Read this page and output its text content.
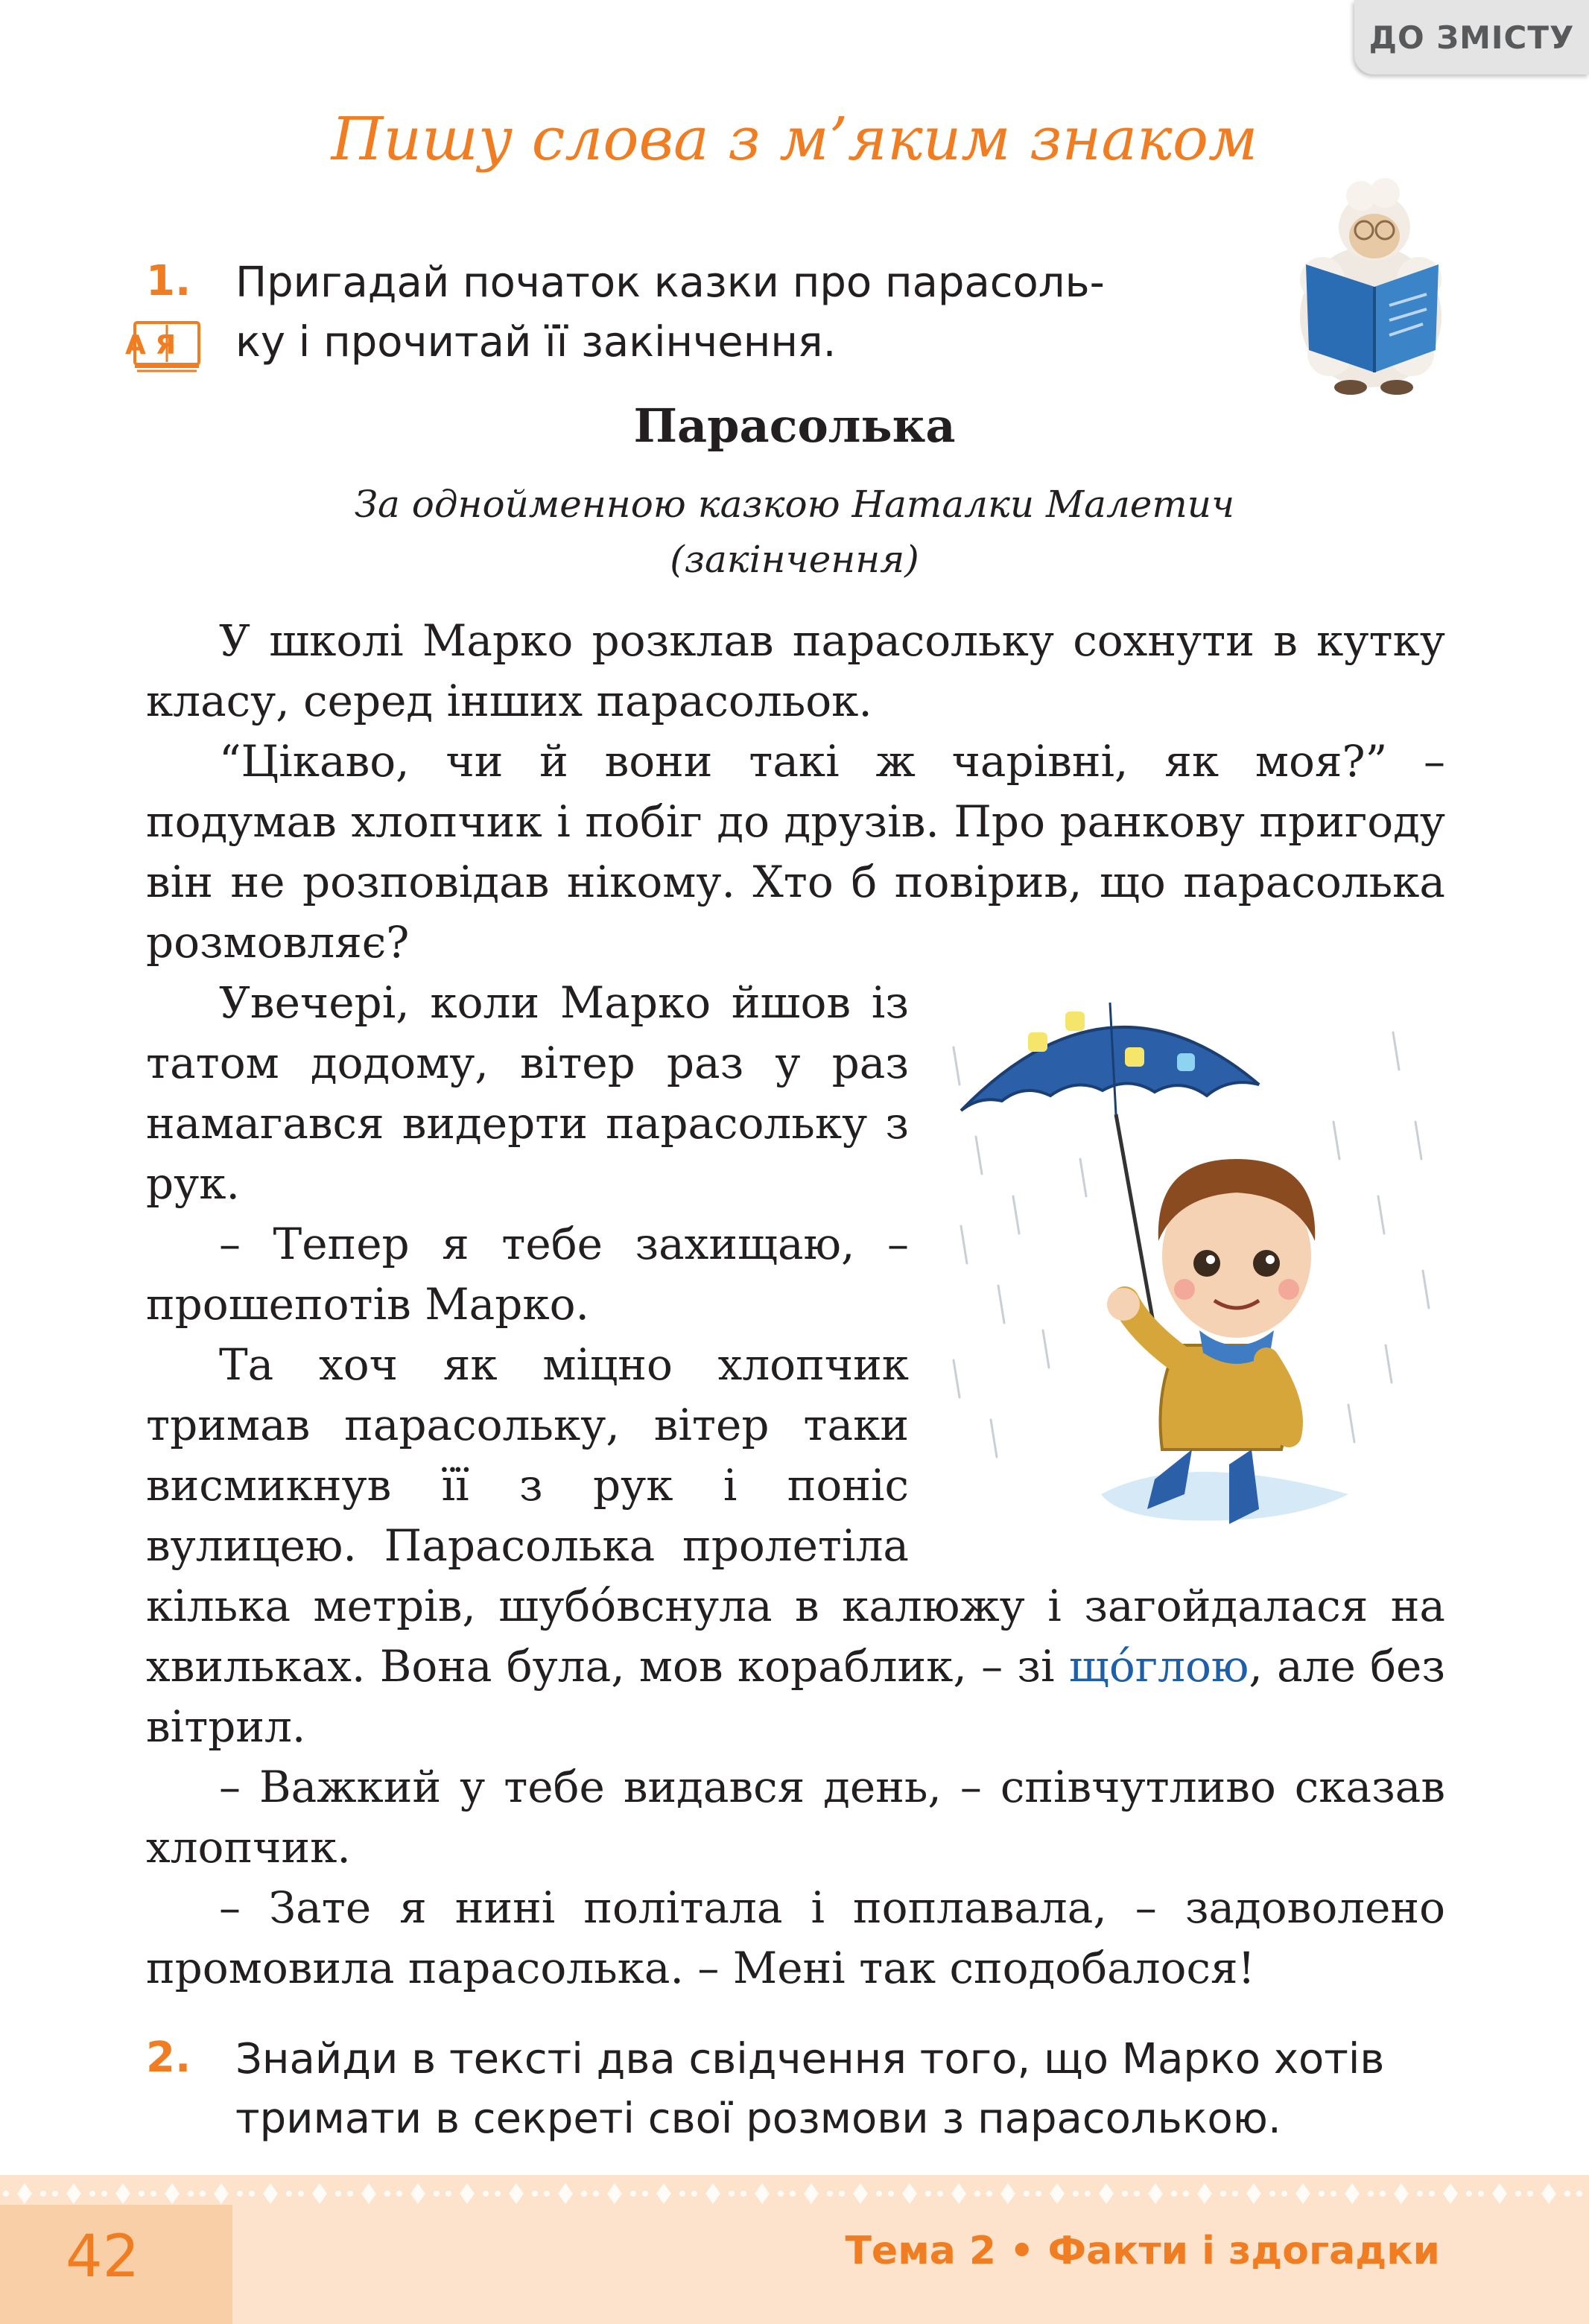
ДО ЗМІСТУ
Пишу слова з м’яким знаком
1. Пригадай початок казки про парасоль-
ку і прочитай її закінчення.
А Я
Парасолька
За однойменною казкою Наталки Малетич
(закінчення)

У школі Марко розклав парасольку сохнути в кутку класу, серед інших парасольок.

“Цікаво, чи й вони такі ж чарівні, як моя?” – подумав хлопчик і побіг до друзів. Про ранкову пригоду він не розповідав нікому. Хто б повірив, що парасолька розмовляє?

Увечері, коли Марко йшов із татом додому, вітер раз у раз намагався видерти парасольку з рук.

– Тепер я тебе захищаю, – прошепотів Марко.

Та хоч як міцно хлопчик тримав парасольку, вітер таки висмикнув її з рук і поніс вулицею. Парасолька пролетіла кілька метрів, шубо́вснула в калюжу і загойдалася на хвильках. Вона була, мов кораблик, – зі що́глою, але без вітрил.

– Важкий у тебе видався день, – співчутливо сказав хлопчик.

– Зате я нині політала і поплавала, – задоволено промовила парасолька. – Мені так сподобалося!

2. Знайди в тексті два свідчення того, що Марко хотів
тримати в секреті свої розмови з парасолькою.
42	Тема 2 • Факти і здогадки
